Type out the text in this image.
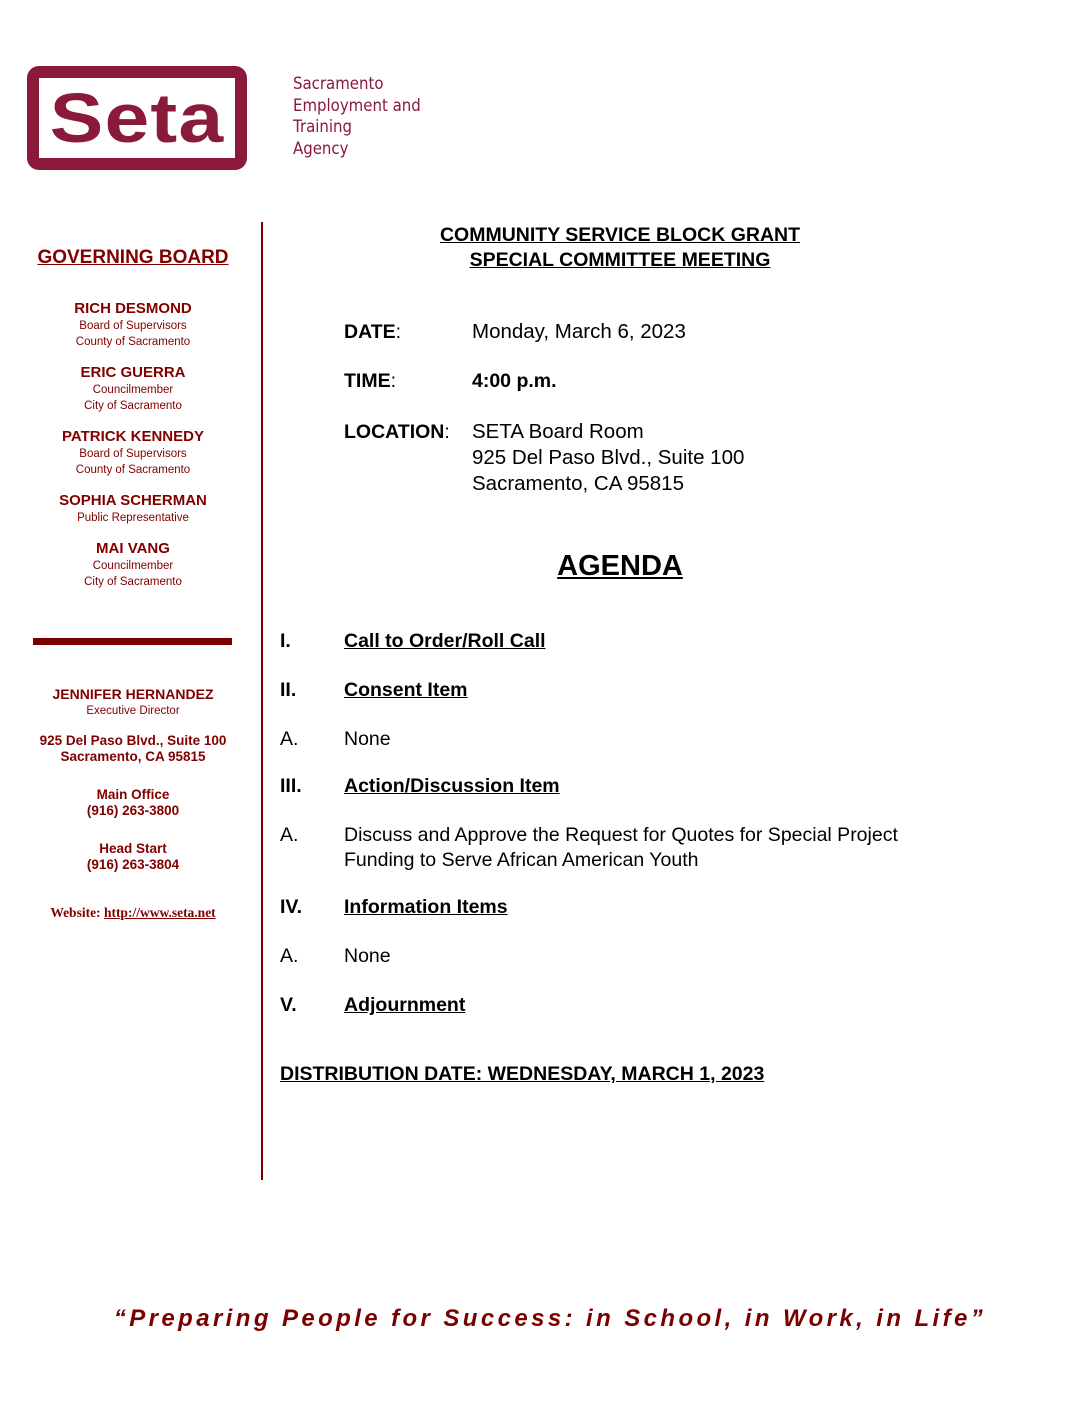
Seta	Sacramento
Employment and
Training
Agency
GOVERNING BOARD
RICH DESMOND
Board of Supervisors
County of Sacramento
ERIC GUERRA
Councilmember
City of Sacramento
PATRICK KENNEDY
Board of Supervisors
County of Sacramento
SOPHIA SCHERMAN
Public Representative
MAI VANG
Councilmember
City of Sacramento
JENNIFER HERNANDEZ
Executive Director
925 Del Paso Blvd., Suite 100
Sacramento, CA 95815
Main Office
(916) 263-3800
Head Start
(916) 263-3804
Website: http://www.seta.net
COMMUNITY SERVICE BLOCK GRANT
SPECIAL COMMITTEE MEETING
DATE:	Monday, March 6, 2023
TIME:	4:00 p.m.
LOCATION: SETA Board Room
925 Del Paso Blvd., Suite 100
Sacramento, CA 95815
AGENDA
I.	Call to Order/Roll Call
II. Consent Item
A. None
III. Action/Discussion Item
A. Discuss and Approve the Request for Quotes for Special Project
Funding to Serve African American Youth
IV. Information Items
A. None
V. Adjournment
DISTRIBUTION DATE: WEDNESDAY, MARCH 1, 2023
“Preparing People for Success: in School, in Work, in Life”
